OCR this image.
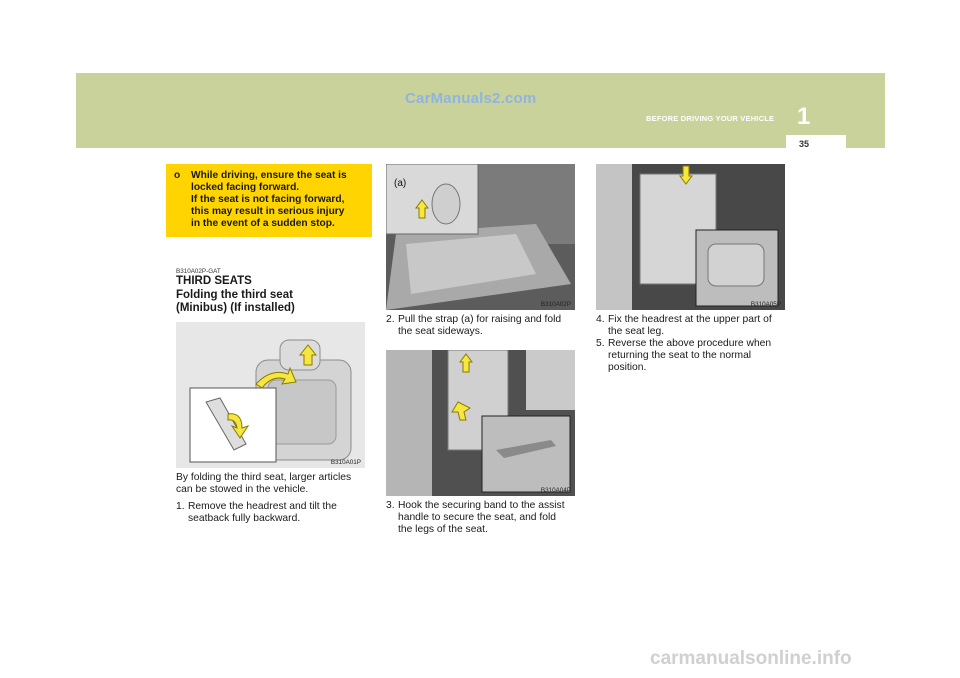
CarManuals2.com
BEFORE DRIVING YOUR VEHICLE 1
35
o While driving, ensure the seat is
locked facing forward.
If the seat is not facing forward,
this may result in serious injury
in the event of a sudden stop.
B310A02P-GAT
THIRD SEATS
Folding the third seat
(Minibus) (If installed)
B310A01P
By folding the third seat, larger articles
can be stowed in the vehicle.
1. Remove the headrest and tilt the
seatback fully backward.
(a)
B310A02P
2. Pull the strap (a) for raising and fold
the seat sideways.
B310A04P
3. Hook the securing band to the assist
handle to secure the seat, and fold
the legs of the seat.
B310A05P
4. Fix the headrest at the upper part of
the seat leg.
5. Reverse the above procedure when
returning the seat to the normal
position.
carmanualsonline.info
